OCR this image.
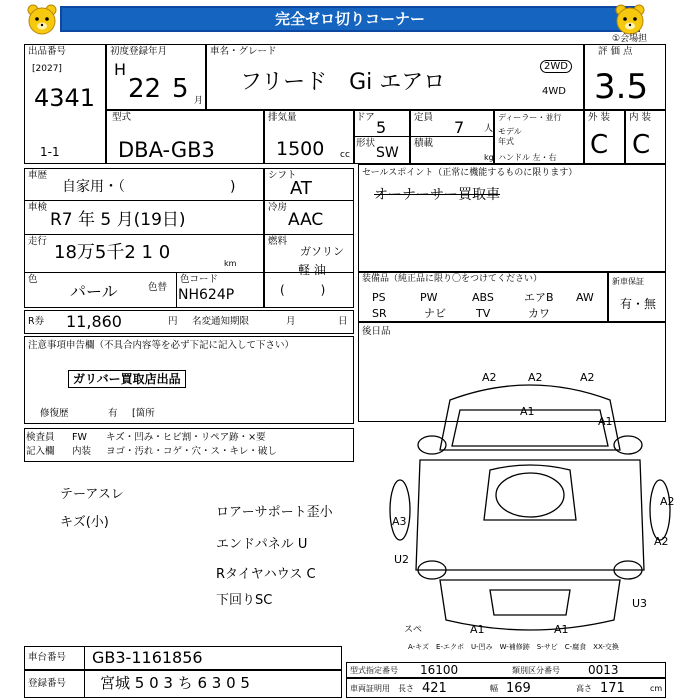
完全ゼロ切りコーナー
①会場担
出品番号
[2027]
4341
初度登録年月
H
22 5 月
車名・グレード
フリード　Gi エアロ
2WD
4WD
評 価 点
3.5
型式
DBA-GB3
1-1
排気量
1500 cc
ドア
5
形状
SW
定員
7 人
積載
kg
ディーラー・並行
モデル
年式
ハンドル 左・右
外 装
C
内 装
C
車歴
自家用・（	)
車検
R7 年 5 月(19日)
走行
18万5千2 1 0
km
色
パール	色替
色コード
NH624P
シフト
AT
冷房
AAC
燃料
ガソリン
軽 油
(　　　)
セールスポイント（正常に機能するものに限ります）
オーナーサー買取車
装備品（純正品に限り〇をつけてください）
PS	PW	ABS	エアB AW
SR	ナビ	TV	カワ
新車保証
有・無
R券 11,860	円 名変通知期限	月	日
後日品
注意事項申告欄（不具合内容等を必ず下記に記入して下さい）
ガリバー買取店出品
修復歴	有 [箇所
検査員
記入欄
FW
内装
キズ・凹み・ヒビ割・リペア跡・×要
ヨゴ・汚れ・コゲ・穴・ス・キレ・破し
テーアスレ
キズ(小)
ロアーサポート歪小
エンドパネル U
Rタイヤハウス C
下回りSC
A2	A2	A2
A1
A1
A2
A2
A3
U2
U3
A1	A1
スペ
A-キズ　E-エクボ　U-凹み　W-補修跡　S-サビ　C-腐食　XX-交換
車台番号 GB3-1161856
登録番号 宮城 5 0 3 ち 6 3 0 5
型式指定番号 16100	類別区分番号 0013
車両証明用 長さ 421	幅 169	高さ 171	cm
